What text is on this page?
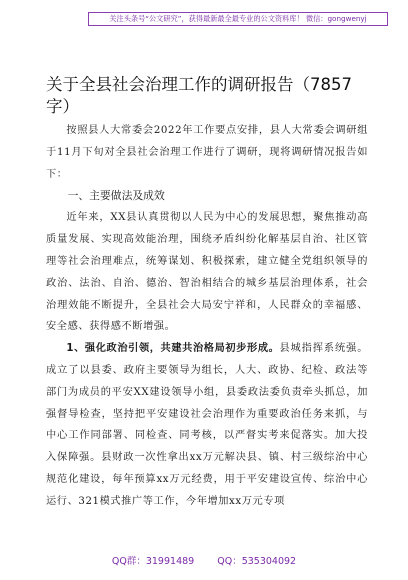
关注头条号“公文研究”，获得最新最全最专业的公文资料库！ 微信：gongwenyj
关于全县社会治理工作的调研报告（7857字）

按照县人大常委会2022年工作要点安排，县人大常委会调研组于11月下旬对全县社会治理工作进行了调研，现将调研情况报告如下：

一、主要做法及成效

近年来，XX县认真贯彻以人民为中心的发展思想，聚焦推动高质量发展、实现高效能治理，围绕矛盾纠纷化解基层自治、社区管理等社会治理难点，统筹谋划、积极探索，建立健全党组织领导的政治、法治、自治、德治、智治相结合的城乡基层治理体系，社会治理效能不断提升，全县社会大局安宁祥和，人民群众的幸福感、安全感、获得感不断增强。

1、强化政治引领，共建共治格局初步形成。县城指挥系统强。成立了以县委、政府主要领导为组长，人大、政协、纪检、政法等部门为成员的平安XX建设领导小组，县委政法委负责牵头抓总，加强督导检查，坚持把平安建设社会治理作为重要政治任务来抓，与中心工作同部署、同检查、同考核，以严督实考来促落实。加大投入保障强。县财政一次性拿出xx万元解决县、镇、村三级综治中心规范化建设，每年预算xx万元经费，用于平安建设宣传、综治中心运行、321模式推广等工作，今年增加xx万元专项

QQ群：31991489 QQ：535304092
